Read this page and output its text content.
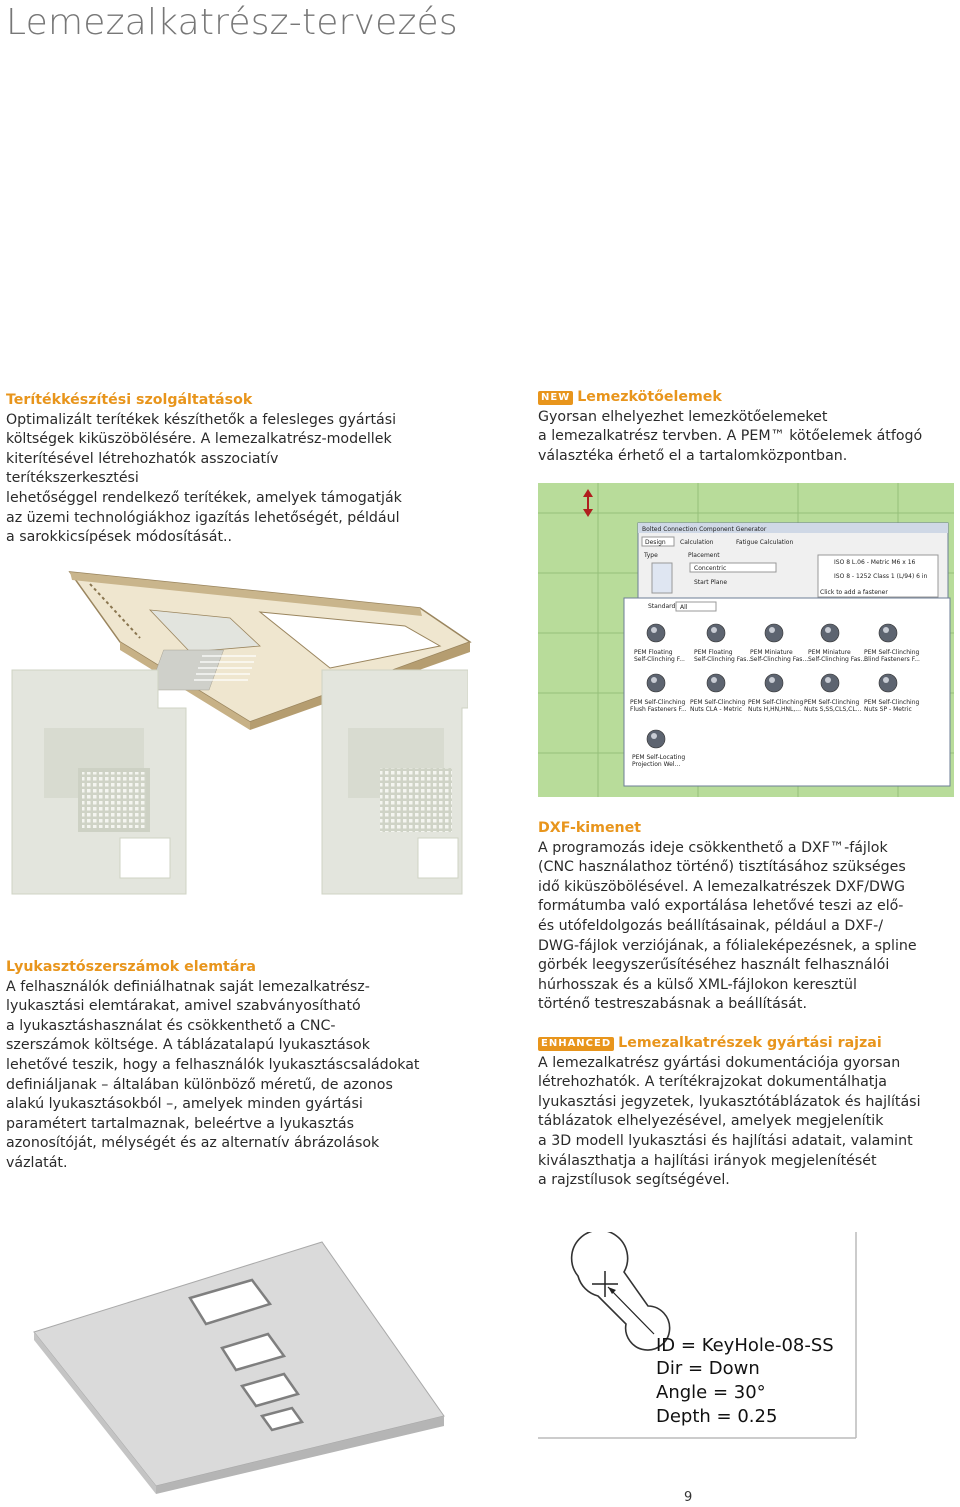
Lemezalkatrész-tervezés
Terítékkészítési szolgáltatások

Optimalizált terítékek készíthetők a felesleges gyártási

költségek kiküszöbölésére. A lemezalkatrész-modellek

kiterítésével létrehozhatók asszociatív terítékszerkesztési

lehetőséggel rendelkező terítékek, amelyek támogatják

az üzemi technológiákhoz igazítás lehetőségét, például

a sarokkicsípések módosítását..

NEW Lemezkötőelemek

Gyorsan elhelyezhet lemezkötőelemeket

a lemezalkatrész tervben. A PEM™ kötőelemek átfogó

választéka érhető el a tartalomközpontban.

DXF-kimenet

A programozás ideje csökkenthető a DXF™-fájlok

(CNC használathoz történő) tisztításához szükséges

idő kiküszöbölésével. A lemezalkatrészek DXF/DWG

formátumba való exportálása lehetővé teszi az elő-

és utófeldolgozás beállításainak, például a DXF-/

DWG-fájlok verziójának, a fólialeképezésnek, a spline

görbék leegyszerűsítéséhez használt felhasználói

húrhosszak és a külső XML-fájlokon keresztül

történő testreszabásnak a beállítását.

ENHANCED Lemezalkatrészek gyártási rajzai

A lemezalkatrész gyártási dokumentációja gyorsan

létrehozhatók. A terítékrajzokat dokumentálhatja

lyukasztási jegyzetek, lyukasztótáblázatok és hajlítási

táblázatok elhelyezésével, amelyek megjelenítik

a 3D modell lyukasztási és hajlítási adatait, valamint

kiválaszthatja a hajlítási irányok megjelenítését

a rajzstílusok segítségével.

Lyukasztószerszámok elemtára

A felhasználók definiálhatnak saját lemezalkatrész-

lyukasztási elemtárakat, amivel szabványosítható

a lyukasztáshasználat és csökkenthető a CNC-

szerszámok költsége. A táblázatalapú lyukasztások

lehetővé teszik, hogy a felhasználók lyukasztáscsaládokat

definiáljanak – általában különböző méretű, de azonos

alakú lyukasztásokból –, amelyek minden gyártási

paramétert tartalmaznak, beleértve a lyukasztás

azonosítóját, mélységét és az alternatív ábrázolások

vázlatát.

Bolted Connection Component Generator
Design Calculation	Fatigue Calculation
Type	Placement
Concentric
Start Plane
ISO 8 L.06 - Metric M6 x 16
ISO 8 - 1252 Class 1 (L/94) 6 in
Click to add a fastener
Standard All
PEM Floating
Self-Clinching F...
PEM Floating
Self-Clinching Fas...
PEM Miniature
Self-Clinching Fas...
PEM Miniature
Self-Clinching Fas...
PEM Self-Clinching
Blind Fasteners F...
PEM Self-Clinching
Flush Fasteners F...
PEM Self-Clinching
Nuts CLA - Metric
PEM Self-Clinching
Nuts H,HN,HNL,...
PEM Self-Clinching
Nuts S,SS,CLS,CL...
PEM Self-Clinching
Nuts SP - Metric
PEM Self-Locating
Projection Wel...
ID = KeyHole-08-SS
Dir = Down
Angle = 30°
Depth = 0.25
9
